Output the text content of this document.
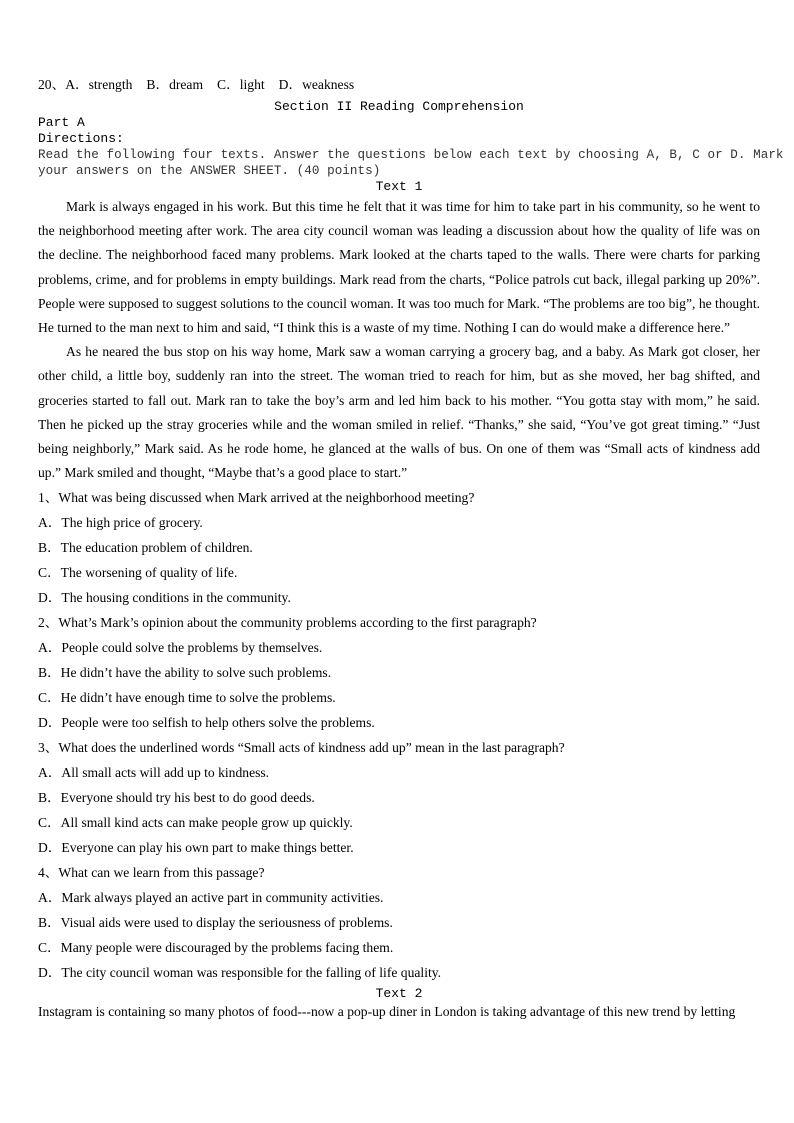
20、A．strength B．dream C．light D．weakness
Section II Reading Comprehension
Part A
Directions:
Read the following four texts. Answer the questions below each text by choosing A, B, C or D. Mark
your answers on the ANSWER SHEET. (40 points)
Text 1

Mark is always engaged in his work. But this time he felt that it was time for him to take part in his community, so he went to the neighborhood meeting after work. The area city council woman was leading a discussion about how the quality of life was on the decline. The neighborhood faced many problems. Mark looked at the charts taped to the walls. There were charts for parking problems, crime, and for problems in empty buildings. Mark read from the charts, “Police patrols cut back, illegal parking up 20%”. People were supposed to suggest solutions to the council woman. It was too much for Mark. “The problems are too big”, he thought. He turned to the man next to him and said, “I think this is a waste of my time. Nothing I can do would make a difference here.”

As he neared the bus stop on his way home, Mark saw a woman carrying a grocery bag, and a baby. As Mark got closer, her other child, a little boy, suddenly ran into the street. The woman tried to reach for him, but as she moved, her bag shifted, and groceries started to fall out. Mark ran to take the boy’s arm and led him back to his mother. “You gotta stay with mom,” he said. Then he picked up the stray groceries while and the woman smiled in relief. “Thanks,” she said, “You’ve got great timing.” “Just being neighborly,” Mark said. As he rode home, he glanced at the walls of bus. On one of them was “Small acts of kindness add up.” Mark smiled and thought, “Maybe that’s a good place to start.”

1、What was being discussed when Mark arrived at the neighborhood meeting?
A．The high price of grocery.
B．The education problem of children.
C．The worsening of quality of life.
D．The housing conditions in the community.
2、What’s Mark’s opinion about the community problems according to the first paragraph?
A．People could solve the problems by themselves.
B．He didn’t have the ability to solve such problems.
C．He didn’t have enough time to solve the problems.
D．People were too selfish to help others solve the problems.
3、What does the underlined words “Small acts of kindness add up” mean in the last paragraph?
A．All small acts will add up to kindness.
B．Everyone should try his best to do good deeds.
C．All small kind acts can make people grow up quickly.
D．Everyone can play his own part to make things better.
4、What can we learn from this passage?
A．Mark always played an active part in community activities.
B．Visual aids were used to display the seriousness of problems.
C．Many people were discouraged by the problems facing them.
D．The city council woman was responsible for the falling of life quality.
Text 2

Instagram is containing so many photos of food---now a pop-up diner in London is taking advantage of this new trend by letting
